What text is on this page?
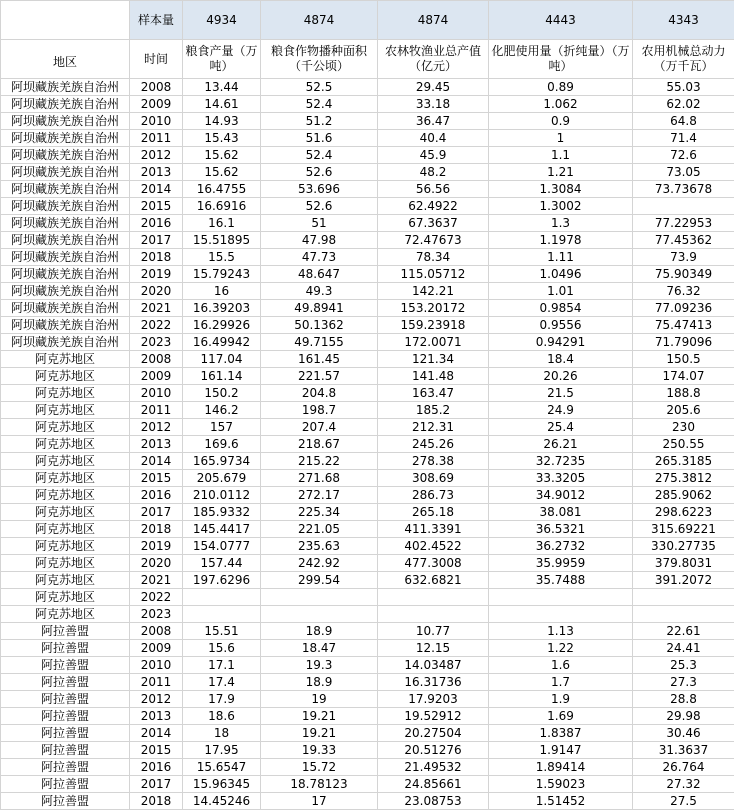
	样本量	4934	4874	4874	4443	4343
地区	时间	粮食产量（万吨）	粮食作物播种面积（千公顷）	农林牧渔业总产值（亿元）	化肥使用量（折纯量）（万吨）	农用机械总动力（万千瓦）
阿坝藏族羌族自治州	2008	13.44	52.5	29.45	0.89	55.03
阿坝藏族羌族自治州	2009	14.61	52.4	33.18	1.062	62.02
阿坝藏族羌族自治州	2010	14.93	51.2	36.47	0.9	64.8
阿坝藏族羌族自治州	2011	15.43	51.6	40.4	1	71.4
阿坝藏族羌族自治州	2012	15.62	52.4	45.9	1.1	72.6
阿坝藏族羌族自治州	2013	15.62	52.6	48.2	1.21	73.05
阿坝藏族羌族自治州	2014	16.4755	53.696	56.56	1.3084	73.73678
阿坝藏族羌族自治州	2015	16.6916	52.6	62.4922	1.3002	
阿坝藏族羌族自治州	2016	16.1	51	67.3637	1.3	77.22953
阿坝藏族羌族自治州	2017	15.51895	47.98	72.47673	1.1978	77.45362
阿坝藏族羌族自治州	2018	15.5	47.73	78.34	1.11	73.9
阿坝藏族羌族自治州	2019	15.79243	48.647	115.05712	1.0496	75.90349
阿坝藏族羌族自治州	2020	16	49.3	142.21	1.01	76.32
阿坝藏族羌族自治州	2021	16.39203	49.8941	153.20172	0.9854	77.09236
阿坝藏族羌族自治州	2022	16.29926	50.1362	159.23918	0.9556	75.47413
阿坝藏族羌族自治州	2023	16.49942	49.7155	172.0071	0.94291	71.79096
阿克苏地区	2008	117.04	161.45	121.34	18.4	150.5
阿克苏地区	2009	161.14	221.57	141.48	20.26	174.07
阿克苏地区	2010	150.2	204.8	163.47	21.5	188.8
阿克苏地区	2011	146.2	198.7	185.2	24.9	205.6
阿克苏地区	2012	157	207.4	212.31	25.4	230
阿克苏地区	2013	169.6	218.67	245.26	26.21	250.55
阿克苏地区	2014	165.9734	215.22	278.38	32.7235	265.3185
阿克苏地区	2015	205.679	271.68	308.69	33.3205	275.3812
阿克苏地区	2016	210.0112	272.17	286.73	34.9012	285.9062
阿克苏地区	2017	185.9332	225.34	265.18	38.081	298.6223
阿克苏地区	2018	145.4417	221.05	411.3391	36.5321	315.69221
阿克苏地区	2019	154.0777	235.63	402.4522	36.2732	330.27735
阿克苏地区	2020	157.44	242.92	477.3008	35.9959	379.8031
阿克苏地区	2021	197.6296	299.54	632.6821	35.7488	391.2072
阿克苏地区	2022					
阿克苏地区	2023					
阿拉善盟	2008	15.51	18.9	10.77	1.13	22.61
阿拉善盟	2009	15.6	18.47	12.15	1.22	24.41
阿拉善盟	2010	17.1	19.3	14.03487	1.6	25.3
阿拉善盟	2011	17.4	18.9	16.31736	1.7	27.3
阿拉善盟	2012	17.9	19	17.9203	1.9	28.8
阿拉善盟	2013	18.6	19.21	19.52912	1.69	29.98
阿拉善盟	2014	18	19.21	20.27504	1.8387	30.46
阿拉善盟	2015	17.95	19.33	20.51276	1.9147	31.3637
阿拉善盟	2016	15.6547	15.72	21.49532	1.89414	26.764
阿拉善盟	2017	15.96345	18.78123	24.85661	1.59023	27.32
阿拉善盟	2018	14.45246	17	23.08753	1.51452	27.5
